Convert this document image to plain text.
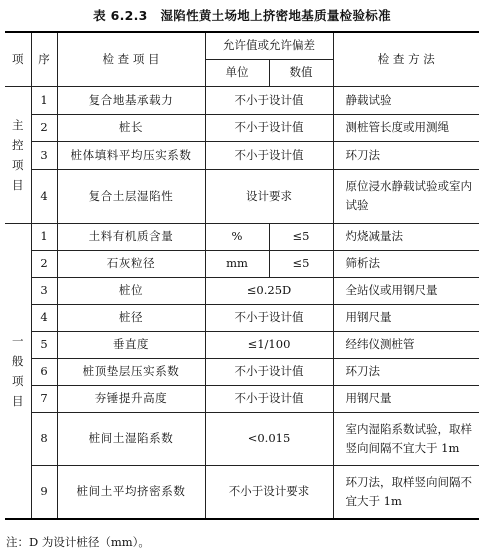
表 6.2.3　湿陷性黄土场地上挤密地基质量检验标准
项	序	检 查 项 目	允许值或允许偏差		检 查 方 法
			单位	数值	
主控项目	1	复合地基承载力	不小于设计值		静载试验
	2	桩长	不小于设计值		测桩管长度或用测绳
	3	桩体填料平均压实系数	不小于设计值		环刀法
	4	复合土层湿陷性	设计要求		原位浸水静载试验或室内试验
一般项目	1	土料有机质含量	%	≤5	灼烧减量法
	2	石灰粒径	mm	≤5	筛析法
	3	桩位	≤0.25D		全站仪或用钢尺量
	4	桩径	不小于设计值		用钢尺量
	5	垂直度	≤1/100		经纬仪测桩管
	6	桩顶垫层压实系数	不小于设计值		环刀法
	7	夯锤提升高度	不小于设计值		用钢尺量
	8	桩间土湿陷系数	<0.015		室内湿陷系数试验，取样竖向间隔不宜大于 1m
	9	桩间土平均挤密系数	不小于设计要求		环刀法，取样竖向间隔不宜大于 1m
注：D 为设计桩径（mm）。
